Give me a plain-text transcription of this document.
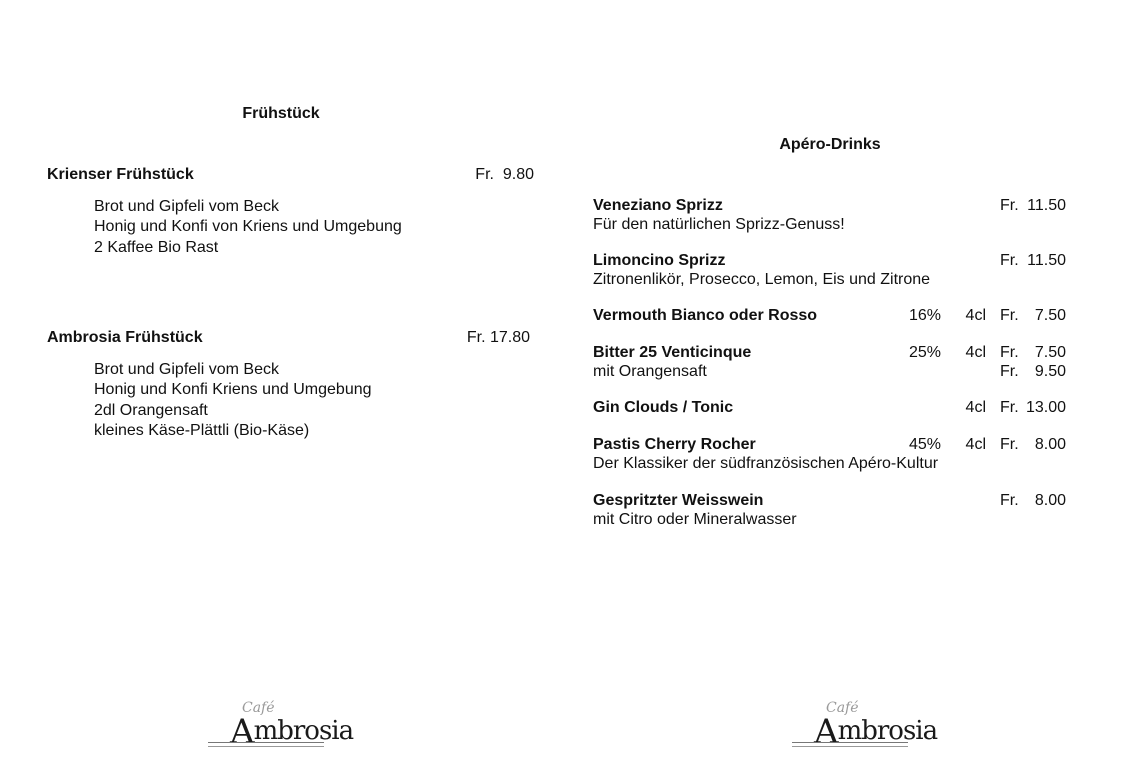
Frühstück
Krienser Frühstück	Fr.  9.80
Brot und Gipfeli vom Beck
Honig und Konfi von Kriens und Umgebung
2 Kaffee Bio Rast
Ambrosia Frühstück	Fr. 17.80
Brot und Gipfeli vom Beck
Honig und Konfi Kriens und Umgebung
2dl Orangensaft
kleines Käse-Plättli (Bio-Käse)
Apéro-Drinks
Veneziano Sprizz	Fr. 11.50
Für den natürlichen Sprizz-Genuss!
Limoncino Sprizz	Fr. 11.50
Zitronenlikör, Prosecco, Lemon, Eis und Zitrone
Vermouth Bianco oder Rosso	16% 4cl Fr. 7.50
Bitter 25 Venticinque	25% 4cl Fr. 7.50
mit Orangensaft	Fr. 9.50
Gin Clouds / Tonic	4cl Fr. 13.00
Pastis Cherry Rocher	45% 4cl Fr. 8.00
Der Klassiker der südfranzösischen Apéro-Kultur
Gespritzter Weisswein	Fr. 8.00
mit Citro oder Mineralwasser
Café
Ambrosia
Café
Ambrosia
